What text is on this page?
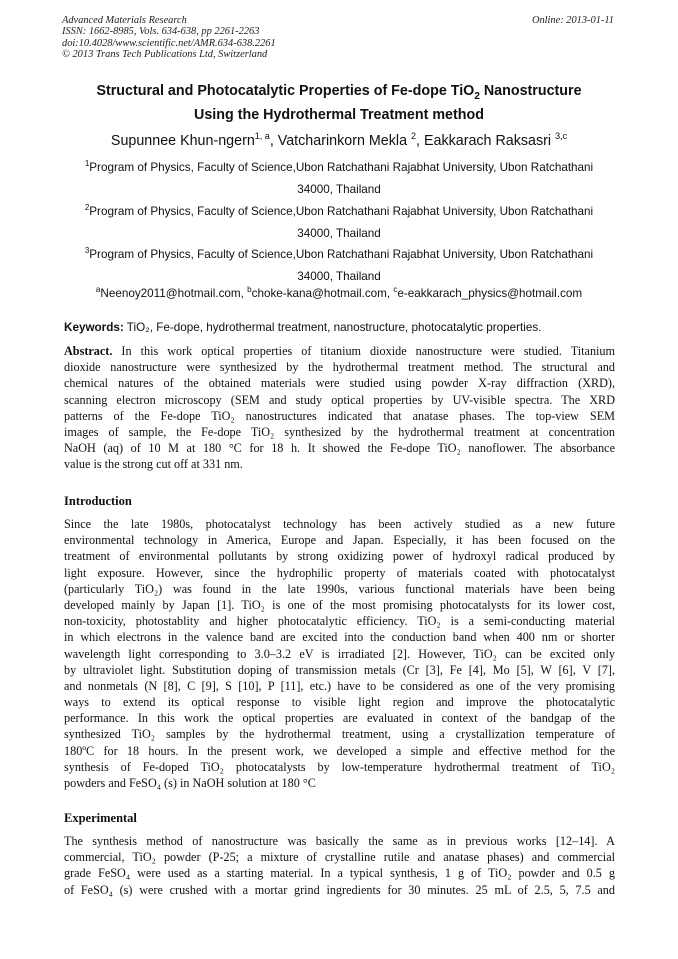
Advanced Materials Research
ISSN: 1662-8985, Vols. 634-638, pp 2261-2263
doi:10.4028/www.scientific.net/AMR.634-638.2261
© 2013 Trans Tech Publications Ltd, Switzerland
Online: 2013-01-11
Structural and Photocatalytic Properties of Fe-dope TiO$_2$ Nanostructure
Using the Hydrothermal Treatment method
Supunnee Khun-ngern$^{1, a}$, Vatcharinkorn Mekla $^2$, Eakkarach Raksasri $^{3,c}$
$^1$Program of Physics, Faculty of Science,Ubon Ratchathani Rajabhat University, Ubon Ratchathani
34000, Thailand
$^2$Program of Physics, Faculty of Science,Ubon Ratchathani Rajabhat University, Ubon Ratchathani
34000, Thailand
$^3$Program of Physics, Faculty of Science,Ubon Ratchathani Rajabhat University, Ubon Ratchathani
34000, Thailand
$^a$Neenoy2011@hotmail.com, $^b$choke-kana@hotmail.com, $^c$e-eakkarach_physics@hotmail.com
Keywords: TiO₂, Fe-dope, hydrothermal treatment, nanostructure, photocatalytic properties.
Abstract. In this work optical properties of titanium dioxide nanostructure were studied. Titanium
dioxide nanostructure were synthesized by the hydrothermal treatment method. The structural and
chemical natures of the obtained materials were studied using powder X-ray diffraction (XRD),
scanning electron microscopy (SEM and study optical properties by UV-visible spectra. The XRD
patterns of the Fe-dope TiO₂ nanostructures indicated that anatase phases. The top-view SEM
images of sample, the Fe-dope TiO₂ synthesized by the hydrothermal treatment at concentration
NaOH (aq) of 10 M at 180 °C for 18 h. It showed the Fe-dope TiO₂ nanoflower. The absorbance
value is the strong cut off at 331 nm.
Introduction
Since the late 1980s, photocatalyst technology has been actively studied as a new future
environmental technology in America, Europe and Japan. Especially, it has been focused on the
treatment of environmental pollutants by strong oxidizing power of hydroxyl radical produced by
light exposure. However, since the hydrophilic property of materials coated with photocatalyst
(particularly TiO₂) was found in the late 1990s, various functional materials have been being
developed mainly by Japan [1]. TiO₂ is one of the most promising photocatalysts for its lower cost,
non-toxicity, photostablity and higher photocatalytic efficiency. TiO₂ is a semi-conducting material
in which electrons in the valence band are excited into the conduction band when 400 nm or shorter
wavelength light corresponding to 3.0–3.2 eV is irradiated [2]. However, TiO₂ can be excited only
by ultraviolet light. Substitution doping of transmission metals (Cr [3], Fe [4], Mo [5], W [6], V [7],
and nonmetals (N [8], C [9], S [10], P [11], etc.) have to be considered as one of the very promising
ways to extend its optical response to visible light region and improve the photocatalytic
performance. In this work the optical properties are evaluated in context of the bandgap of the
synthesized TiO₂ samples by the hydrothermal treatment, using a crystallization temperature of
180ºC for 18 hours. In the present work, we developed a simple and effective method for the
synthesis of Fe-doped TiO₂ photocatalysts by low-temperature hydrothermal treatment of TiO₂
powders and FeSO₄ (s) in NaOH solution at 180 °C
Experimental
The synthesis method of nanostructure was basically the same as in previous works [12–14]. A
commercial, TiO₂ powder (P-25; a mixture of crystalline rutile and anatase phases) and commercial
grade FeSO₄ were used as a starting material. In a typical synthesis, 1 g of TiO₂ powder and 0.5 g
of FeSO₄ (s) were crushed with a mortar grind ingredients for 30 minutes. 25 mL of 2.5, 5, 7.5 and
